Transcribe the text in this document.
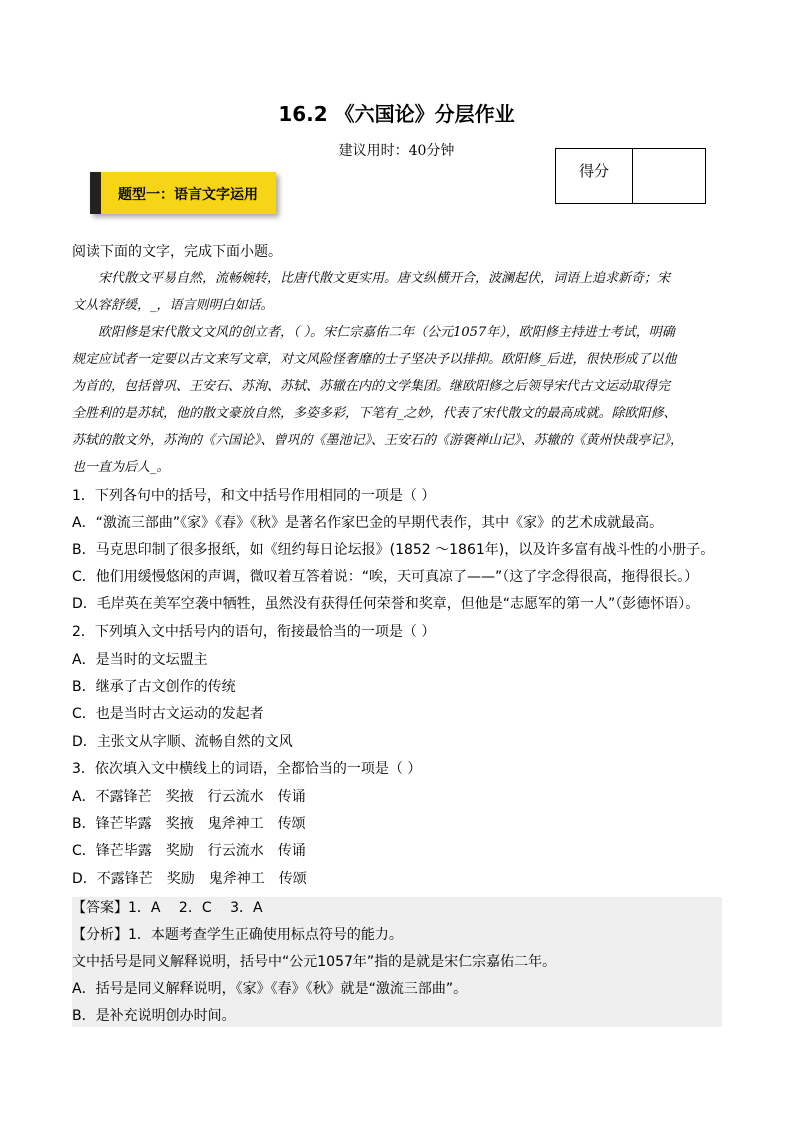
16.2 《六国论》分层作业
建议用时：40分钟
得分
题型一：语言文字运用
阅读下面的文字，完成下面小题。
　　宋代散文平易自然，流畅婉转，比唐代散文更实用。唐文纵横开合，波澜起伏，词语上追求新奇；宋
文从容舒缓，_，语言则明白如话。
　　欧阳修是宋代散文文风的创立者，（ ）。宋仁宗嘉佑二年（公元1057年），欧阳修主持进士考试，明确
规定应试者一定要以古文来写文章，对文风险怪奢靡的士子坚决予以排抑。欧阳修_后进，很快形成了以他
为首的，包括曾巩、王安石、苏洵、苏轼、苏辙在内的文学集团。继欧阳修之后领导宋代古文运动取得完
全胜利的是苏轼，他的散文豪放自然，多姿多彩，下笔有_之妙，代表了宋代散文的最高成就。除欧阳修、
苏轼的散文外，苏洵的《六国论》、曾巩的《墨池记》、王安石的《游褒禅山记》、苏辙的《黄州快哉亭记》，
也一直为后人_。
1．下列各句中的括号，和文中括号作用相同的一项是（ ）
A．“激流三部曲”《家》《春》《秋》是著名作家巴金的早期代表作，其中《家》的艺术成就最高。
B．马克思印制了很多报纸，如《纽约每日论坛报》(1852 ～1861年)，以及许多富有战斗性的小册子。
C．他们用缓慢悠闲的声调，微叹着互答着说：“唉，天可真凉了——”（这了字念得很高，拖得很长。）
D．毛岸英在美军空袭中牺牲，虽然没有获得任何荣誉和奖章，但他是“志愿军的第一人”（彭德怀语）。
2．下列填入文中括号内的语句，衔接最恰当的一项是（ ）
A．是当时的文坛盟主
B．继承了古文创作的传统
C．也是当时古文运动的发起者
D．主张文从字顺、流畅自然的文风
3．依次填入文中横线上的词语，全都恰当的一项是（ ）
A．不露锋芒　奖掖　行云流水　传诵
B．锋芒毕露　奖掖　鬼斧神工　传颂
C．锋芒毕露　奖励　行云流水　传诵
D．不露锋芒　奖励　鬼斧神工　传颂
【答案】1．A　 2．C　 3．A
【分析】1．本题考查学生正确使用标点符号的能力。
文中括号是同义解释说明，括号中“公元1057年”指的是就是宋仁宗嘉佑二年。
A．括号是同义解释说明，《家》《春》《秋》就是“激流三部曲”。
B．是补充说明创办时间。
